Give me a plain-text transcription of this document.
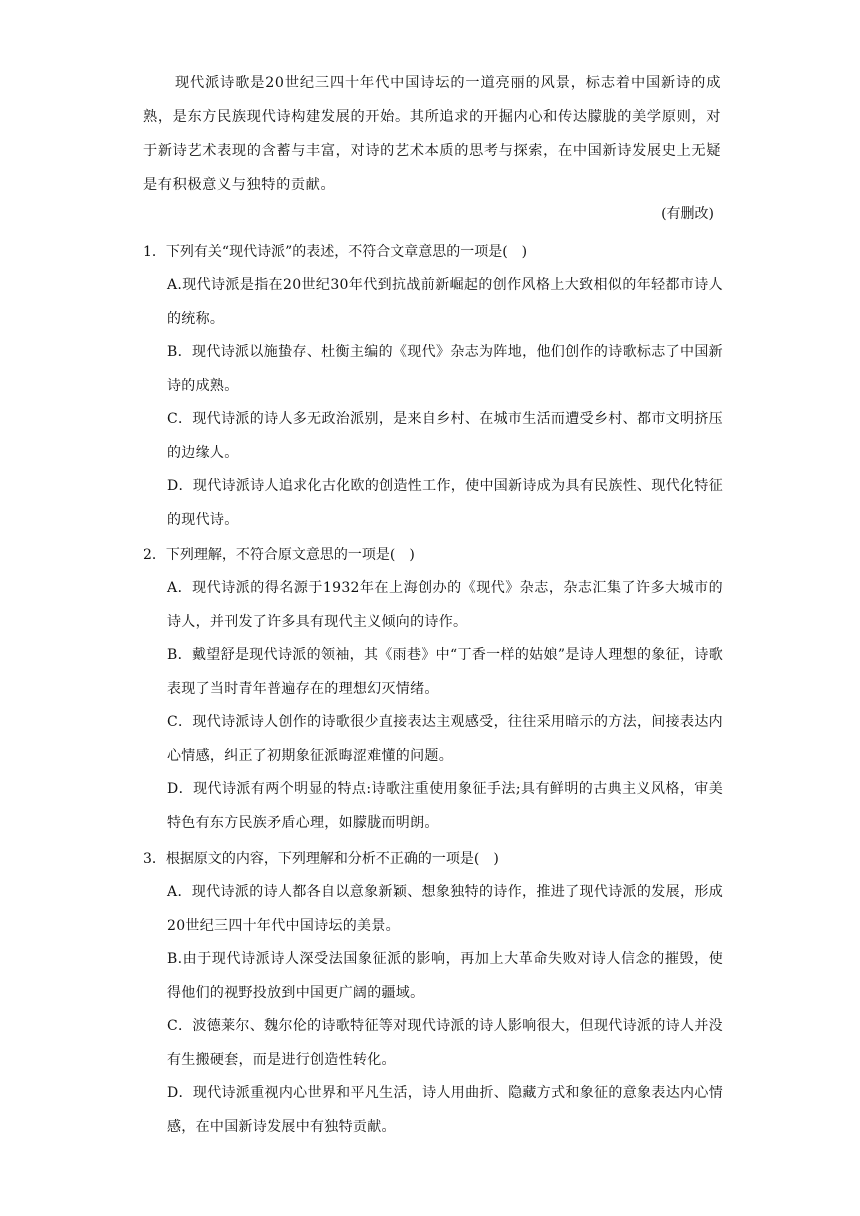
现代派诗歌是20世纪三四十年代中国诗坛的一道亮丽的风景，标志着中国新诗的成熟，是东方民族现代诗构建发展的开始。其所追求的开掘内心和传达朦胧的美学原则，对于新诗艺术表现的含蓄与丰富，对诗的艺术本质的思考与探索，在中国新诗发展史上无疑是有积极意义与独特的贡献。
(有删改)
1．下列有关“现代诗派”的表述，不符合文章意思的一项是(　)
A.现代诗派是指在20世纪30年代到抗战前新崛起的创作风格上大致相似的年轻都市诗人的统称。
B．现代诗派以施蛰存、杜衡主编的《现代》杂志为阵地，他们创作的诗歌标志了中国新诗的成熟。
C．现代诗派的诗人多无政治派别，是来自乡村、在城市生活而遭受乡村、都市文明挤压的边缘人。
D．现代诗派诗人追求化古化欧的创造性工作，使中国新诗成为具有民族性、现代化特征的现代诗。
2．下列理解，不符合原文意思的一项是(　)
A．现代诗派的得名源于1932年在上海创办的《现代》杂志，杂志汇集了许多大城市的诗人，并刊发了许多具有现代主义倾向的诗作。
B．戴望舒是现代诗派的领袖，其《雨巷》中“丁香一样的姑娘”是诗人理想的象征，诗歌表现了当时青年普遍存在的理想幻灭情绪。
C．现代诗派诗人创作的诗歌很少直接表达主观感受，往往采用暗示的方法，间接表达内心情感，纠正了初期象征派晦涩难懂的问题。
D．现代诗派有两个明显的特点:诗歌注重使用象征手法;具有鲜明的古典主义风格，审美特色有东方民族矛盾心理，如朦胧而明朗。
3．根据原文的内容，下列理解和分析不正确的一项是(　)
A．现代诗派的诗人都各自以意象新颖、想象独特的诗作，推进了现代诗派的发展，形成20世纪三四十年代中国诗坛的美景。
B.由于现代诗派诗人深受法国象征派的影响，再加上大革命失败对诗人信念的摧毁，使得他们的视野投放到中国更广阔的疆域。
C．波德莱尔、魏尔伦的诗歌特征等对现代诗派的诗人影响很大，但现代诗派的诗人并没有生搬硬套，而是进行创造性转化。
D．现代诗派重视内心世界和平凡生活，诗人用曲折、隐藏方式和象征的意象表达内心情感，在中国新诗发展中有独特贡献。
